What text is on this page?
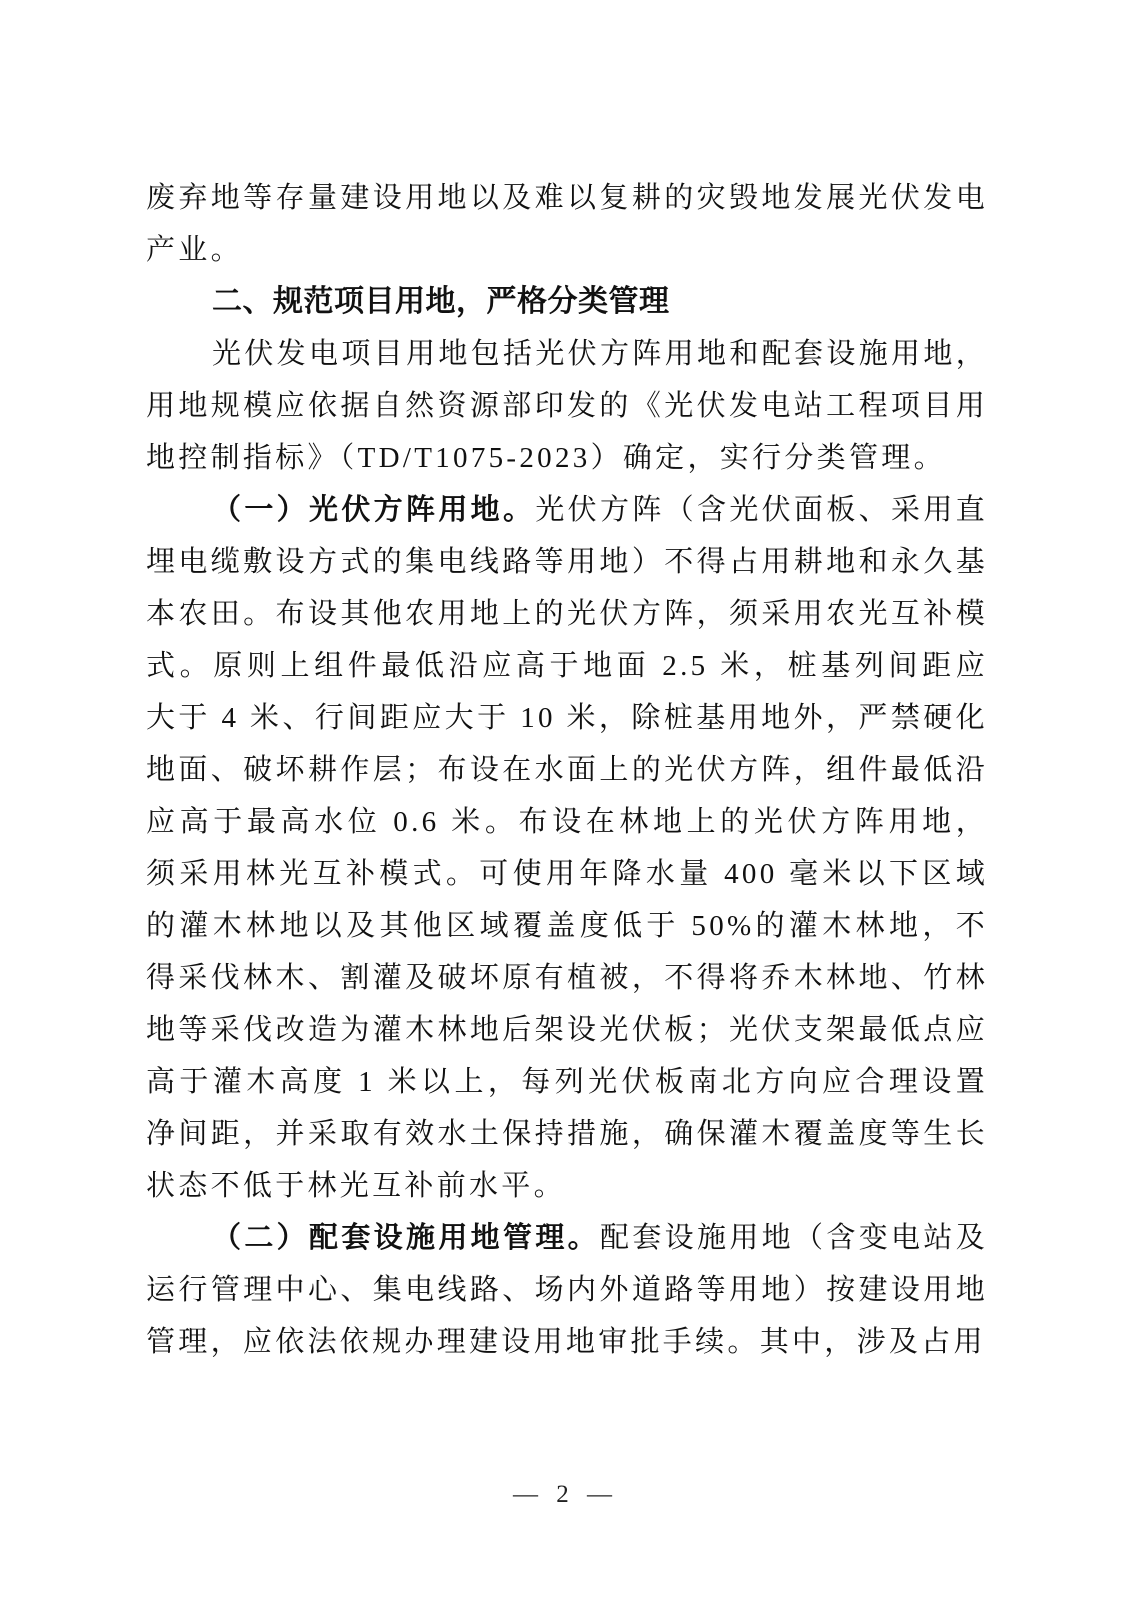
废弃地等存量建设用地以及难以复耕的灾毁地发展光伏发电产业。

二、规范项目用地，严格分类管理

光伏发电项目用地包括光伏方阵用地和配套设施用地，用地规模应依据自然资源部印发的《光伏发电站工程项目用地控制指标》（TD/T1075-2023）确定，实行分类管理。

（一）光伏方阵用地。光伏方阵（含光伏面板、采用直埋电缆敷设方式的集电线路等用地）不得占用耕地和永久基本农田。布设其他农用地上的光伏方阵，须采用农光互补模式。原则上组件最低沿应高于地面 2.5 米，桩基列间距应大于 4 米、行间距应大于 10 米，除桩基用地外，严禁硬化地面、破坏耕作层；布设在水面上的光伏方阵，组件最低沿应高于最高水位 0.6 米。布设在林地上的光伏方阵用地，须采用林光互补模式。可使用年降水量 400 毫米以下区域的灌木林地以及其他区域覆盖度低于 50%的灌木林地，不得采伐林木、割灌及破坏原有植被，不得将乔木林地、竹林地等采伐改造为灌木林地后架设光伏板；光伏支架最低点应高于灌木高度 1 米以上，每列光伏板南北方向应合理设置净间距，并采取有效水土保持措施，确保灌木覆盖度等生长状态不低于林光互补前水平。

（二）配套设施用地管理。配套设施用地（含变电站及运行管理中心、集电线路、场内外道路等用地）按建设用地管理，应依法依规办理建设用地审批手续。其中，涉及占用

— 2 —
